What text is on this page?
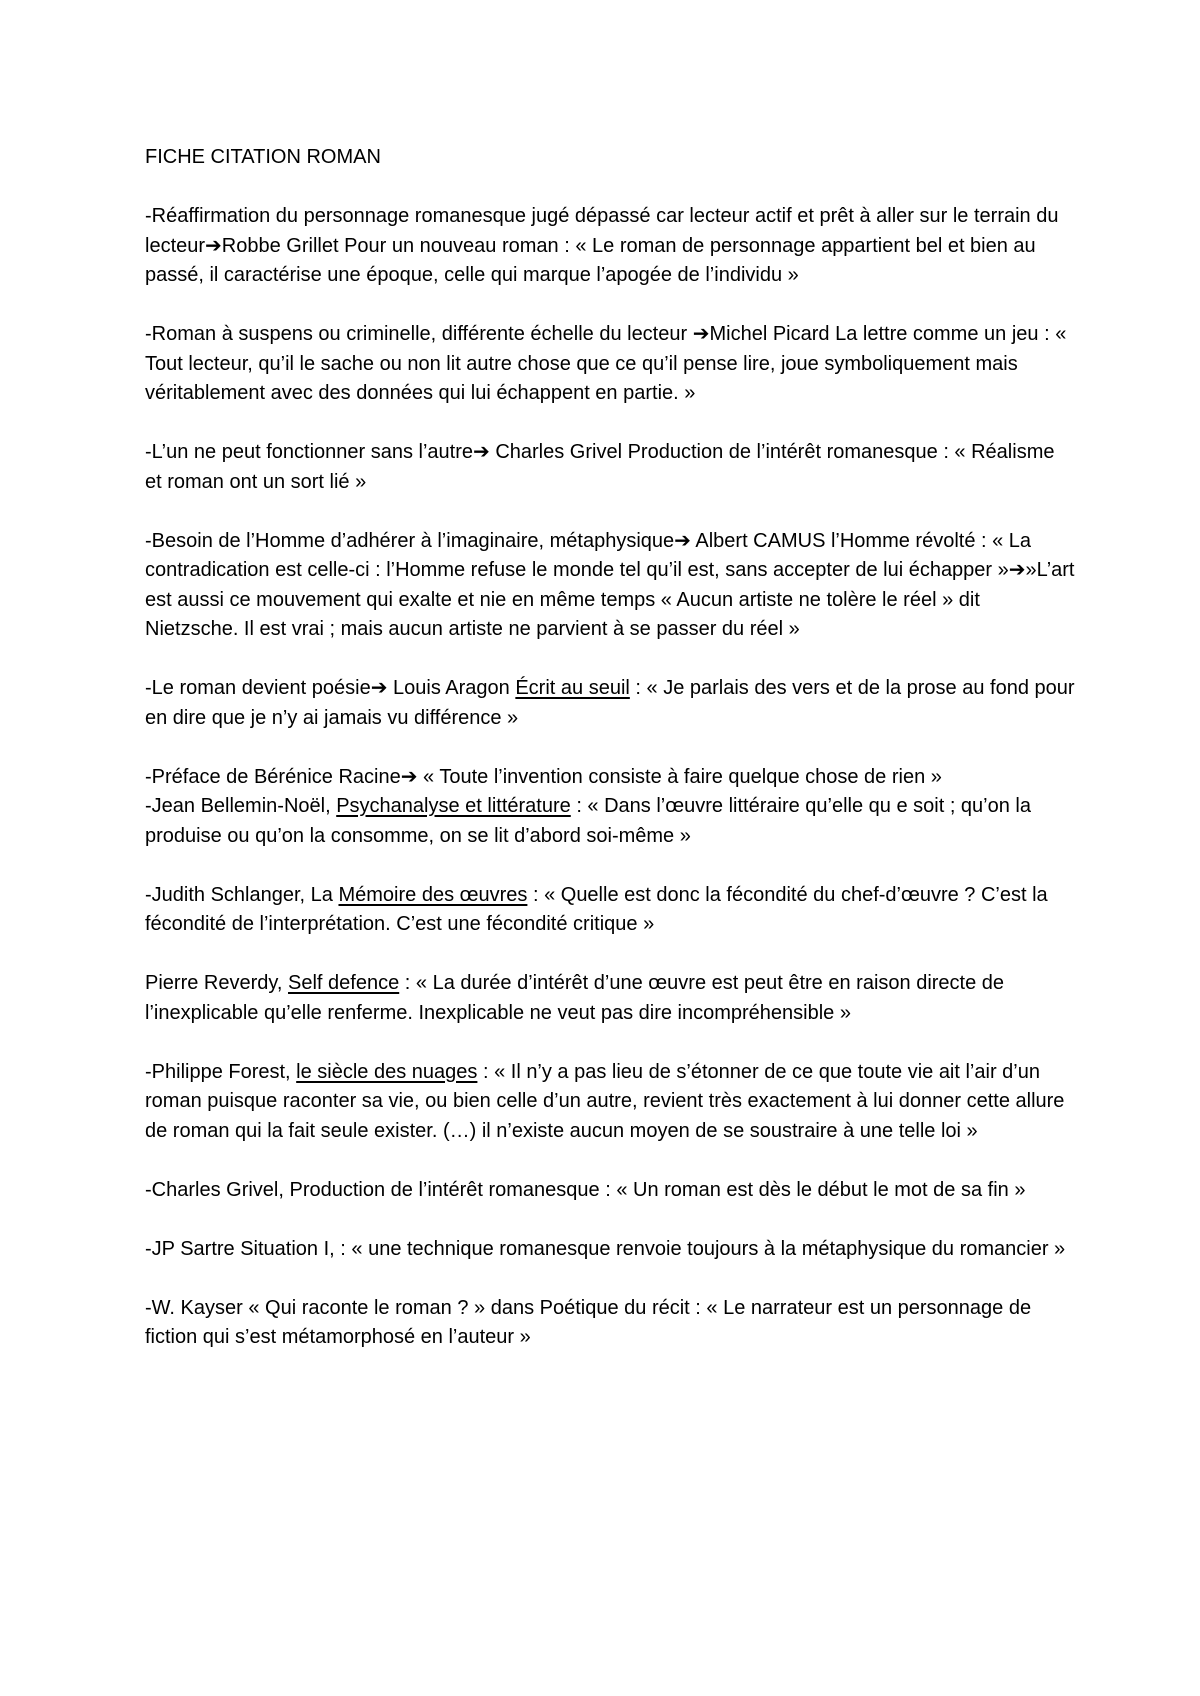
FICHE CITATION ROMAN

-Réaffirmation du personnage romanesque jugé dépassé car lecteur actif et prêt à aller sur le terrain du lecteur➔Robbe Grillet Pour un nouveau roman : « Le roman de personnage appartient bel et bien au passé, il caractérise une époque, celle qui marque l’apogée de l’individu »

-Roman à suspens ou criminelle, différente échelle du lecteur ➔Michel Picard La lettre comme un jeu : « Tout lecteur, qu’il le sache ou non lit autre chose que ce qu’il pense lire, joue symboliquement mais véritablement avec des données qui lui échappent en partie. »

-L’un ne peut fonctionner sans l’autre➔ Charles Grivel Production de l’intérêt romanesque : « Réalisme et roman ont un sort lié »

-Besoin de l’Homme d’adhérer à l’imaginaire, métaphysique➔ Albert CAMUS l’Homme révolté : « La contradication est celle-ci : l’Homme refuse le monde tel qu’il est, sans accepter de lui échapper »➔»L’art est aussi ce mouvement qui exalte et nie en même temps « Aucun artiste ne tolère le réel » dit Nietzsche. Il est vrai ; mais aucun artiste ne parvient à se passer du réel »

-Le roman devient poésie➔ Louis Aragon Écrit au seuil : « Je parlais des vers et de la prose au fond pour en dire que je n’y ai jamais vu différence »

-Préface de Bérénice Racine➔ « Toute l’invention consiste à faire quelque chose de rien »

-Jean Bellemin-Noël, Psychanalyse et littérature : « Dans l’œuvre littéraire qu’elle qu e soit ; qu’on la produise ou qu’on la consomme, on se lit d’abord soi-même »

-Judith Schlanger, La Mémoire des œuvres : « Quelle est donc la fécondité du chef-d’œuvre ? C’est la fécondité de l’interprétation. C’est une fécondité critique »

Pierre Reverdy, Self defence : « La durée d’intérêt d’une œuvre est peut être en raison directe de l’inexplicable qu’elle renferme. Inexplicable ne veut pas dire incompréhensible »

-Philippe Forest, le siècle des nuages : « Il n’y a pas lieu de s’étonner de ce que toute vie ait l’air d’un roman puisque raconter sa vie, ou bien celle d’un autre, revient très exactement à lui donner cette allure de roman qui la fait seule exister. (…) il n’existe aucun moyen de se soustraire à une telle loi »

-Charles Grivel, Production de l’intérêt romanesque : « Un roman est dès le début le mot de sa fin »

-JP Sartre Situation I, : « une technique romanesque renvoie toujours à la métaphysique du romancier »

-W. Kayser « Qui raconte le roman ? » dans Poétique du récit : « Le narrateur est un personnage de fiction qui s’est métamorphosé en l’auteur »
